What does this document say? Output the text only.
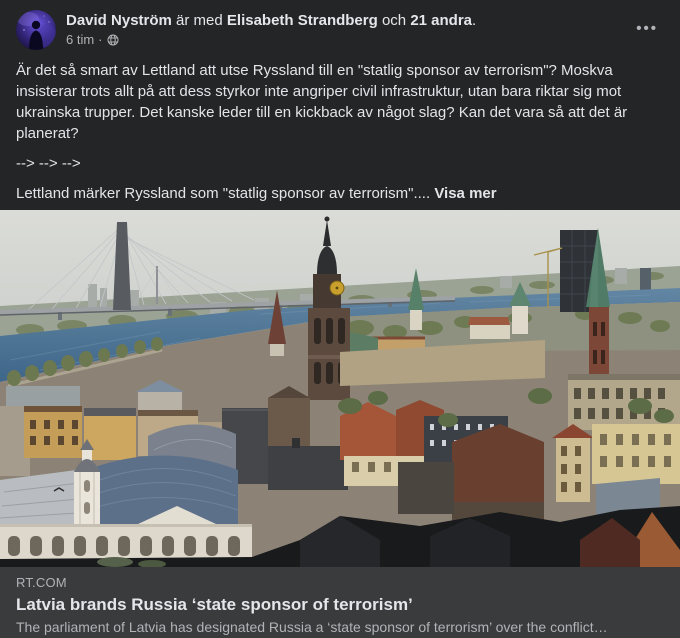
David Nyström är med Elisabeth Strandberg och 21 andra.
6 tim ·
•••

Är det så smart av Lettland att utse Ryssland till en "statlig sponsor av terrorism"? Moskva insisterar trots allt på att dess styrkor inte angriper civil infrastruktur, utan bara riktar sig mot ukrainska trupper. Det kanske leder till en kickback av något slag? Kan det vara så att det är planerat?

--> --> -->

Lettland märker Ryssland som "statlig sponsor av terrorism".... Visa mer

RT.COM
Latvia brands Russia ‘state sponsor of terrorism’
The parliament of Latvia has designated Russia a ‘state sponsor of terrorism’ over the conflict…
